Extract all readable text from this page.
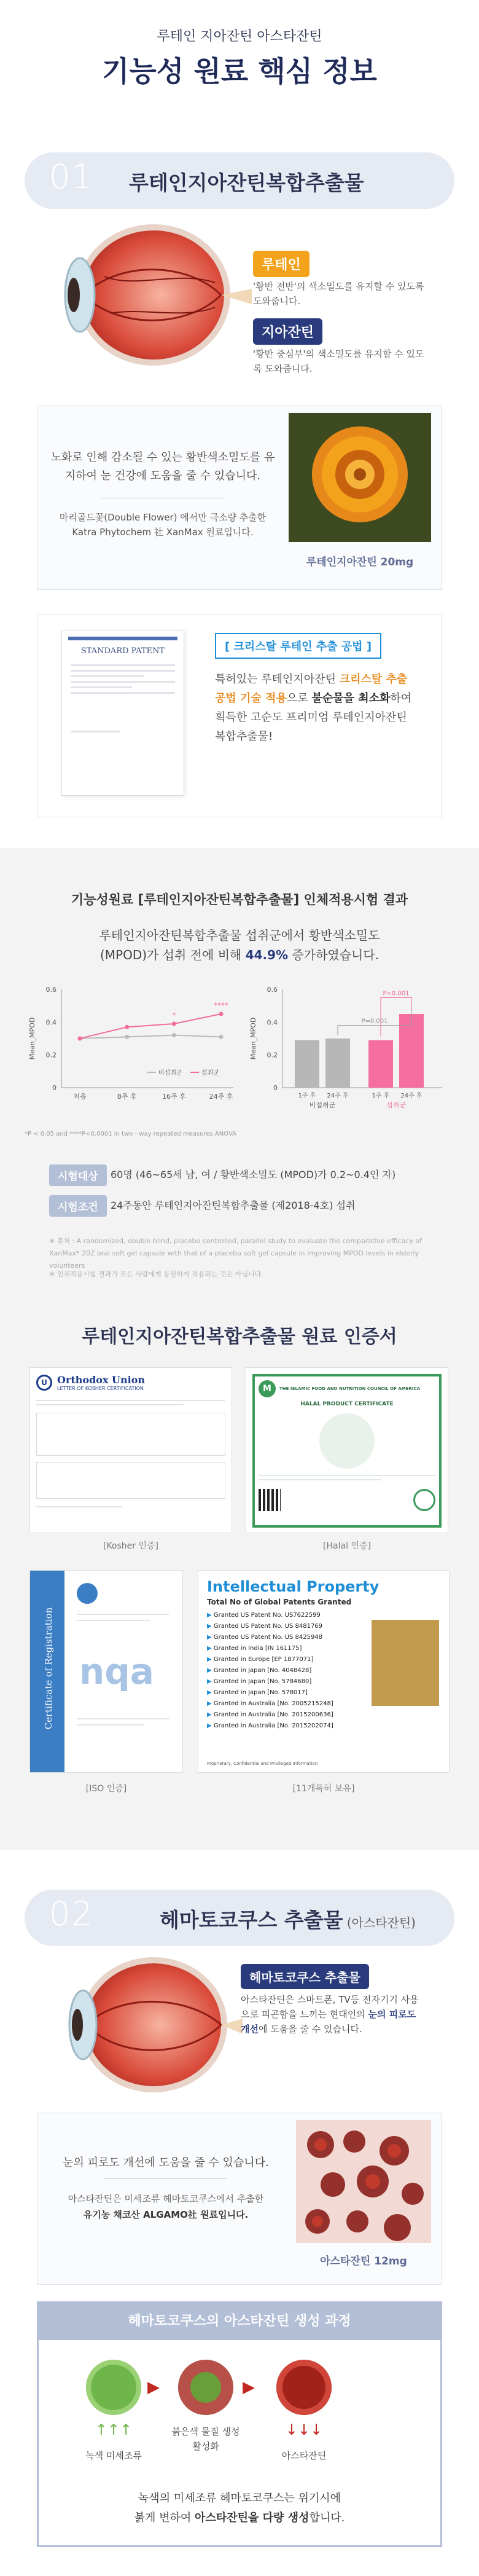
루테인 지아잔틴 아스타잔틴
기능성 원료 핵심 정보
01 루테인지아잔틴복합추출물
루테인
'황반 전반'의 색소밀도를 유지할 수 있도록 도와줍니다.
지아잔틴
'황반 중심부'의 색소밀도를 유지할 수 있도록 도와줍니다.
노화로 인해 감소될 수 있는 황반색소밀도를 유지하여 눈 건강에 도움을 줄 수 있습니다.
마리골드꽃(Double Flower) 에서만 극소량 추출한 Katra Phytochem 社 XanMax 원료입니다.
루테인지아잔틴 20mg
STANDARD PATENT	[ 크리스탈 루테인 추출 공법 ]
특허있는 루테인지아잔틴 크리스탈 추출공법 기술 적용으로 불순물을 최소화하여 획득한 고순도 프리미엄 루테인지아잔틴복합추출물!
기능성원료 [루테인지아잔틴복합추출물] 인체적용시험 결과
루테인지아잔틴복합추출물 섭취군에서 황반색소밀도
(MPOD)가 섭취 전에 비해 44.9% 증가하였습니다.
0
0.2
0.4
0.6
Mean_MPOD
처음	8주 후	16주 후	24주 후
*
****
비섭취군	섭취군
0
0.2
0.4
0.6
Mean_MPOD
1주 후 24주 후	1주 후 24주 후
비섭취군	섭취군
P=0.001
P<0.001
*P < 0.05 and ****P<0.0001 in two - way repeated measures ANOVA
시험대상	60명 (46~65세 남, 여 / 황반색소밀도 (MPOD)가 0.2~0.4인 자)
시험조건	24주동안 루테인지아잔틴복합추출물 (제2018-4호) 섭취
※ 출처 : A randomized, double blind, placebo controlled, parallel study to evaluate the comparative efficacy of XanMax* 20Z oral soft gel capsule with that of a placebo soft gel capsule in improving MPOD levels in elderly volunteers
※ 인체적용시험 결과가 모든 사람에게 동일하게 적용되는 것은 아닙니다.
루테인지아잔틴복합추출물 원료 인증서
U	Orthodox Union
LETTER OF KOSHER CERTIFICATION
[Kosher 인증]
M	THE ISLAMIC FOOD AND NUTRITION COUNCIL OF AMERICA
HALAL PRODUCT CERTIFICATE
[Halal 인증]
Certificate of Registration nqa
[ISO 인증]
Intellectual Property
Total No of Global Patents Granted
▶ Granted US Patent No. US7622599
▶ Granted US Patent No. US 8481769
▶ Granted US Patent No. US 8425948
▶ Granted in India [IN 161175]
▶ Granted in Europe [EP 1877071]
▶ Granted in Japan [No. 4048428]
▶ Granted in Japan [No. 5784680]
▶ Granted in Japan [No. 578017]
▶ Granted in Australia [No. 2005215248]
▶ Granted in Australia [No. 2015200636]
▶ Granted in Australia [No. 2015202074]
Proprietary, Confidential and Privileged Information
[11개특허 보유]
02	헤마토코쿠스 추출물 (아스타잔틴)
헤마토코쿠스 추출물
아스타잔틴은 스마트폰, TV등 전자기기 사용으로 피곤함을 느끼는 현대인의 눈의 피로도 개선에 도움을 줄 수 있습니다.
눈의 피로도 개선에 도움을 줄 수 있습니다.
아스타잔틴은 미세조류 헤마토코쿠스에서 추출한
유기농 채코산 ALGAMO社 원료입니다.
아스타잔틴 12mg
헤마토코쿠스의 아스타잔틴 생성 과정
▶	▶
↑↑↑	↓↓↓
녹색 미세조류
붉은색 물질 생성 활성화
아스타잔틴
녹색의 미세조류 헤마토코쿠스는 위기시에
붉게 변하여 아스타잔틴을 다량 생성합니다.
